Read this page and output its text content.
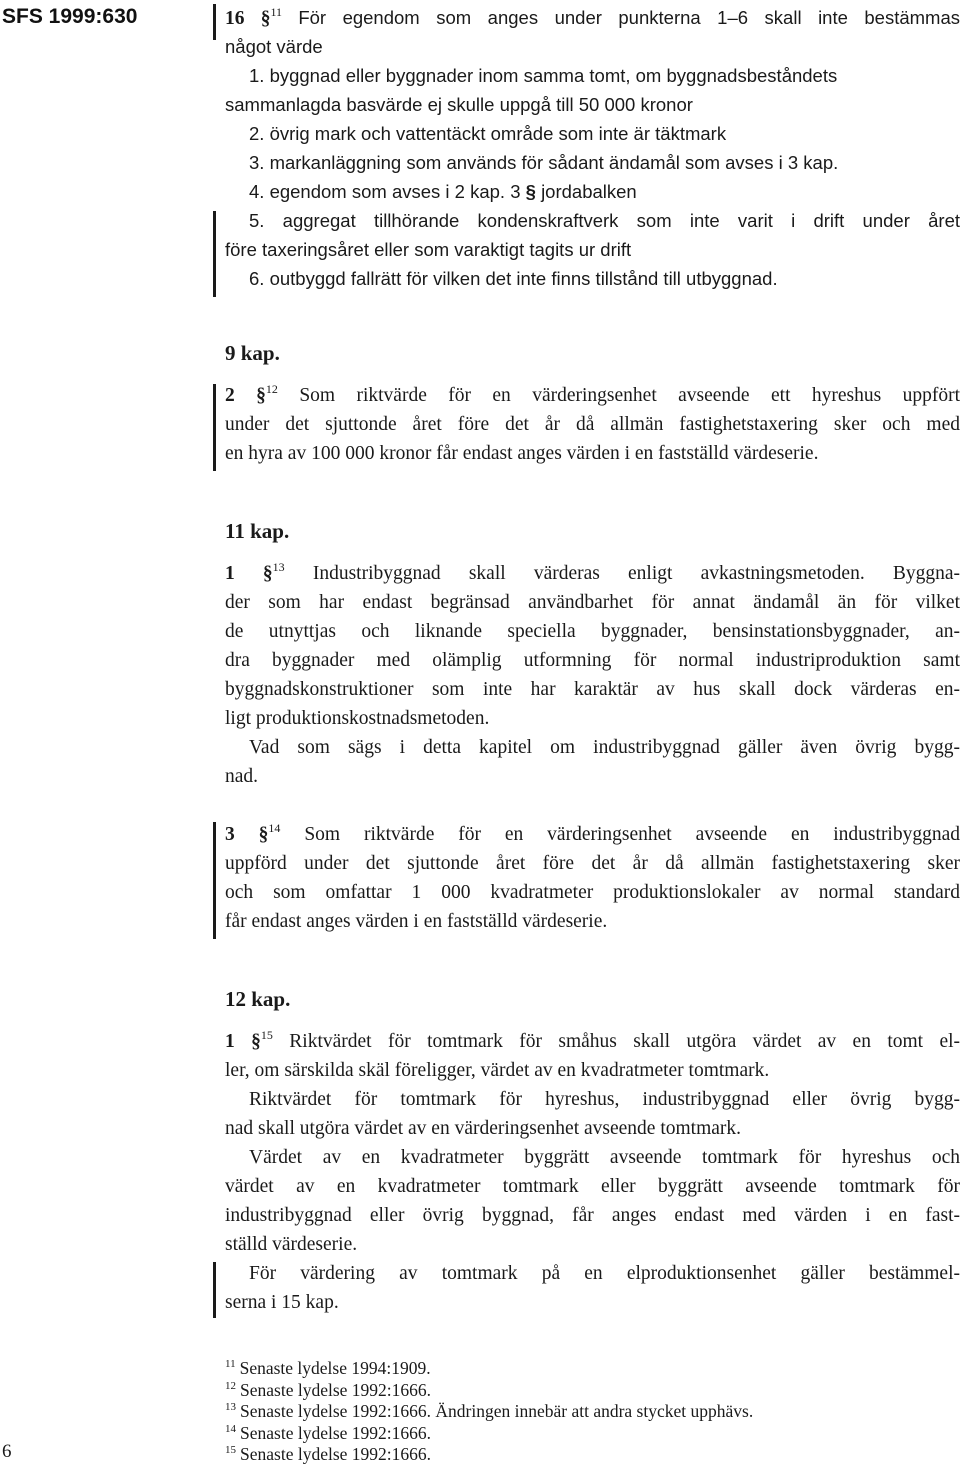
SFS 1999:630	16 §$^{11}$ För egendom som anges under punkterna 1–6 skall inte bestämmas
något värde
1. byggnad eller byggnader inom samma tomt, om byggnadsbeståndets
sammanlagda basvärde ej skulle uppgå till 50 000 kronor
2. övrig mark och vattentäckt område som inte är täktmark
3. markanläggning som används för sådant ändamål som avses i 3 kap.
4. egendom som avses i 2 kap. 3 § jordabalken
5. aggregat tillhörande kondenskraftverk som inte varit i drift under året
före taxeringsåret eller som varaktigt tagits ur drift
6. outbyggd fallrätt för vilken det inte finns tillstånd till utbyggnad.
9 kap.
2 §$^{12}$ Som riktvärde för en värderingsenhet avseende ett hyreshus uppfört
under det sjuttonde året före det år då allmän fastighetstaxering sker och med
en hyra av 100 000 kronor får endast anges värden i en fastställd värdeserie.
11 kap.
1 §$^{13}$ Industribyggnad skall värderas enligt avkastningsmetoden. Byggna-
der som har endast begränsad användbarhet för annat ändamål än för vilket
de utnyttjas och liknande speciella byggnader, bensinstationsbyggnader, an-
dra byggnader med olämplig utformning för normal industriproduktion samt
byggnadskonstruktioner som inte har karaktär av hus skall dock värderas en-
ligt produktionskostnadsmetoden.
Vad som sägs i detta kapitel om industribyggnad gäller även övrig bygg-
nad.
3 §$^{14}$ Som riktvärde för en värderingsenhet avseende en industribyggnad
uppförd under det sjuttonde året före det år då allmän fastighetstaxering sker
och som omfattar 1 000 kvadratmeter produktionslokaler av normal standard
får endast anges värden i en fastställd värdeserie.
12 kap.
1 §$^{15}$ Riktvärdet för tomtmark för småhus skall utgöra värdet av en tomt el-
ler, om särskilda skäl föreligger, värdet av en kvadratmeter tomtmark.
Riktvärdet för tomtmark för hyreshus, industribyggnad eller övrig bygg-
nad skall utgöra värdet av en värderingsenhet avseende tomtmark.
Värdet av en kvadratmeter byggrätt avseende tomtmark för hyreshus och
värdet av en kvadratmeter tomtmark eller byggrätt avseende tomtmark för
industribyggnad eller övrig byggnad, får anges endast med värden i en fast-
ställd värdeserie.
För värdering av tomtmark på en elproduktionsenhet gäller bestämmel-
serna i 15 kap.
$^{11}$ Senaste lydelse 1994:1909.
$^{12}$ Senaste lydelse 1992:1666.
$^{13}$ Senaste lydelse 1992:1666. Ändringen innebär att andra stycket upphävs.
$^{14}$ Senaste lydelse 1992:1666.
$^{15}$ Senaste lydelse 1992:1666.
6
